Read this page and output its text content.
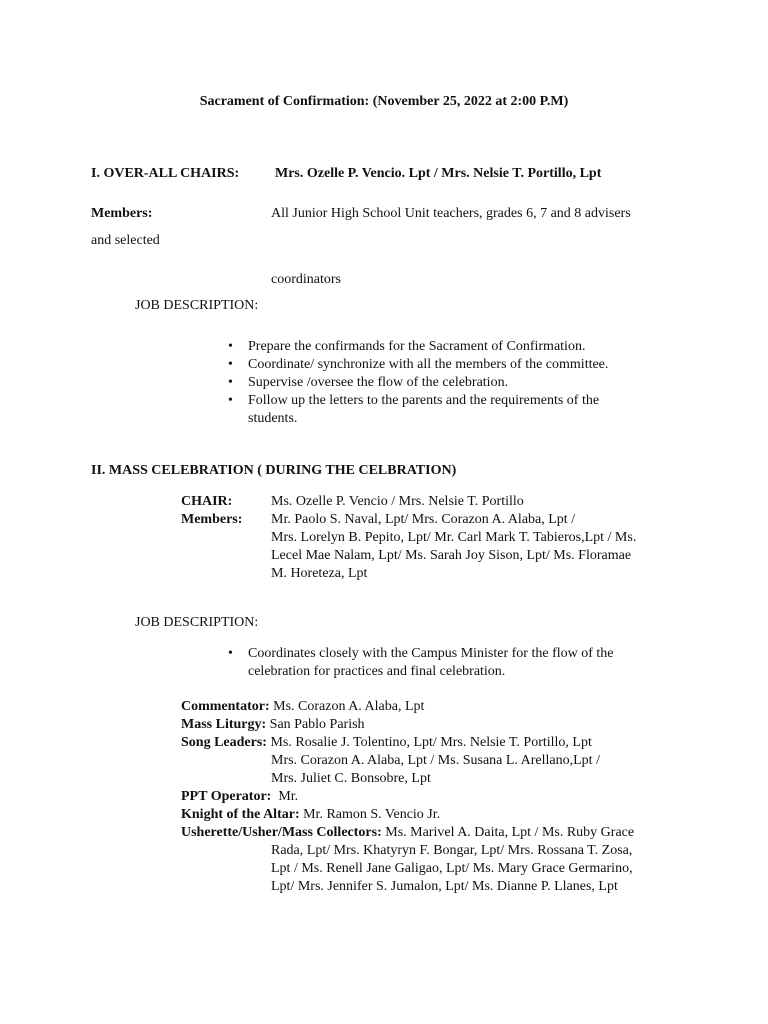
Sacrament of Confirmation: (November 25, 2022 at 2:00 P.M)
I. OVER-ALL CHAIRS:	Mrs. Ozelle P. Vencio. Lpt / Mrs. Nelsie T. Portillo, Lpt
Members:	All Junior High School Unit teachers, grades 6, 7 and 8 advisers
and selected
coordinators
JOB DESCRIPTION:
• Prepare the confirmands for the Sacrament of Confirmation.
• Coordinate/ synchronize with all the members of the committee.
• Supervise /oversee the flow of the celebration.
• Follow up the letters to the parents and the requirements of the students.
II. MASS CELEBRATION ( DURING THE CELBRATION)
CHAIR:	Ms. Ozelle P. Vencio / Mrs. Nelsie T. Portillo
Members: Mr. Paolo S. Naval, Lpt/ Mrs. Corazon A. Alaba, Lpt /
Mrs. Lorelyn B. Pepito, Lpt/ Mr. Carl Mark T. Tabieros,Lpt / Ms.
Lecel Mae Nalam, Lpt/ Ms. Sarah Joy Sison, Lpt/ Ms. Floramae
M. Horeteza, Lpt
JOB DESCRIPTION:
• Coordinates closely with the Campus Minister for the flow of the celebration for practices and final celebration.
Commentator: Ms. Corazon A. Alaba, Lpt
Mass Liturgy: San Pablo Parish
Song Leaders: Ms. Rosalie J. Tolentino, Lpt/ Mrs. Nelsie T. Portillo, Lpt
Mrs. Corazon A. Alaba, Lpt / Ms. Susana L. Arellano,Lpt /
Mrs. Juliet C. Bonsobre, Lpt
PPT Operator:  Mr.
Knight of the Altar: Mr. Ramon S. Vencio Jr.
Usherette/Usher/Mass Collectors: Ms. Marivel A. Daita, Lpt / Ms. Ruby Grace
Rada, Lpt/ Mrs. Khatyryn F. Bongar, Lpt/ Mrs. Rossana T. Zosa,
Lpt / Ms. Renell Jane Galigao, Lpt/ Ms. Mary Grace Germarino,
Lpt/ Mrs. Jennifer S. Jumalon, Lpt/ Ms. Dianne P. Llanes, Lpt
